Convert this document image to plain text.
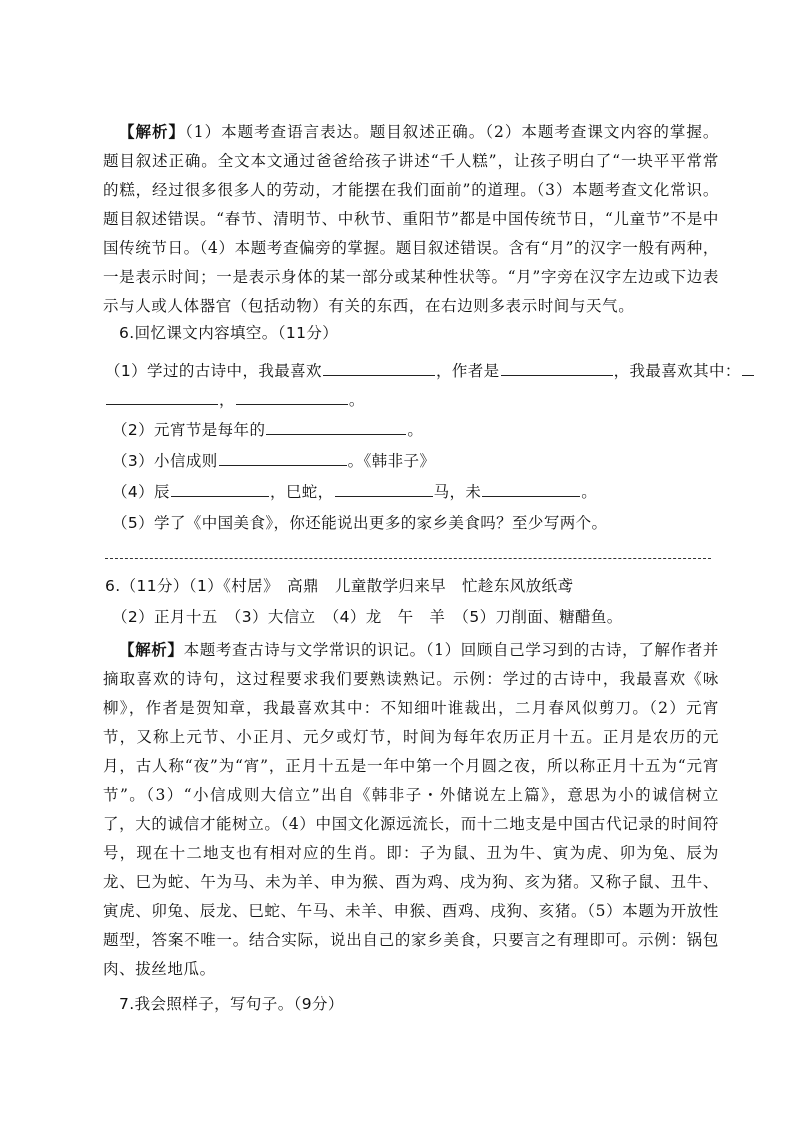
【解析】（1）本题考查语言表达。题目叙述正确。（2）本题考查课文内容的掌握。题目叙述正确。全文本文通过爸爸给孩子讲述“千人糕”，让孩子明白了“一块平平常常的糕，经过很多很多人的劳动，才能摆在我们面前”的道理。（3）本题考查文化常识。题目叙述错误。“春节、清明节、中秋节、重阳节”都是中国传统节日，“儿童节”不是中国传统节日。（4）本题考查偏旁的掌握。题目叙述错误。含有“月”的汉字一般有两种，一是表示时间；一是表示身体的某一部分或某种性状等。“月”字旁在汉字左边或下边表示与人或人体器官（包括动物）有关的东西，在右边则多表示时间与天气。

6.回忆课文内容填空。（11分）

（1）学过的古诗中，我最喜欢	，作者是	，我最喜欢其中：

，	。

（2）元宵节是每年的	。

（3）小信成则	。《韩非子》

（4）辰	，巳蛇，	马，未	。

（5）学了《中国美食》，你还能说出更多的家乡美食吗？至少写两个。

6.（11分）（1）《村居》　高鼎　儿童散学归来早　忙趁东风放纸鸢

（2）正月十五　（3）大信立　（4）龙　午　羊　（5）刀削面、糖醋鱼。

【解析】本题考查古诗与文学常识的识记。（1）回顾自己学习到的古诗，了解作者并摘取喜欢的诗句，这过程要求我们要熟读熟记。示例：学过的古诗中，我最喜欢《咏柳》，作者是贺知章，我最喜欢其中：不知细叶谁裁出，二月春风似剪刀。（2）元宵节，又称上元节、小正月、元夕或灯节，时间为每年农历正月十五。正月是农历的元月，古人称“夜”为“宵”，正月十五是一年中第一个月圆之夜，所以称正月十五为“元宵节”。（3）“小信成则大信立”出自《韩非子・外储说左上篇》，意思为小的诚信树立了，大的诚信才能树立。（4）中国文化源远流长，而十二地支是中国古代记录的时间符号，现在十二地支也有相对应的生肖。即：子为鼠、丑为牛、寅为虎、卯为兔、辰为龙、巳为蛇、午为马、未为羊、申为猴、酉为鸡、戌为狗、亥为猪。又称子鼠、丑牛、寅虎、卯兔、辰龙、巳蛇、午马、未羊、申猴、酉鸡、戌狗、亥猪。（5）本题为开放性题型，答案不唯一。结合实际，说出自己的家乡美食，只要言之有理即可。示例：锅包肉、拔丝地瓜。

7.我会照样子，写句子。（9分）
